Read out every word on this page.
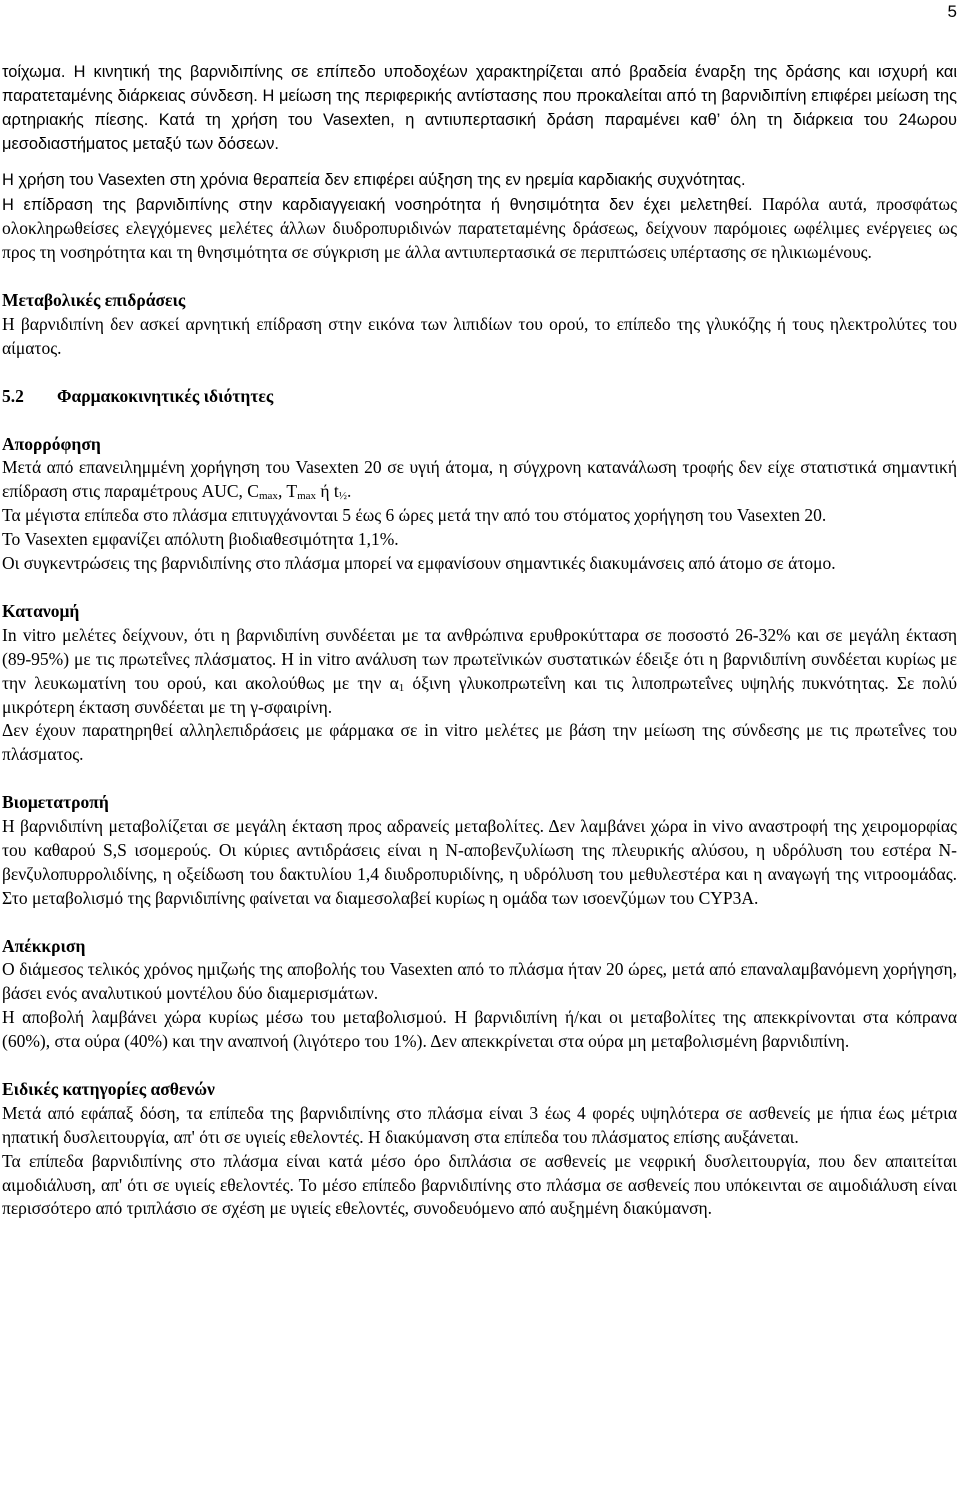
5

τοίχωμα. Η κινητική της βαρνιδιπίνης σε επίπεδο υποδοχέων χαρακτηρίζεται από βραδεία έναρξη της δράσης και ισχυρή και παρατεταμένης διάρκειας σύνδεση. Η μείωση της περιφερικής αντίστασης που προκαλείται από τη βαρνιδιπίνη επιφέρει μείωση της αρτηριακής πίεσης. Κατά τη χρήση του Vasexten, η αντιυπερτασική δράση παραμένει καθ’ όλη τη διάρκεια του 24ωρου μεσοδιαστήματος μεταξύ των δόσεων.

Η χρήση του Vasexten στη χρόνια θεραπεία δεν επιφέρει αύξηση της εν ηρεμία καρδιακής συχνότητας.

Η επίδραση της βαρνιδιπίνης στην καρδιαγγειακή νοσηρότητα ή θνησιμότητα δεν έχει μελετηθεί. Παρόλα αυτά, προσφάτως ολοκληρωθείσες ελεγχόμενες μελέτες άλλων διυδροπυριδινών παρατεταμένης δράσεως, δείχνουν παρόμοιες ωφέλιμες ενέργειες ως προς τη νοσηρότητα και τη θνησιμότητα σε σύγκριση με άλλα αντιυπερτασικά σε περιπτώσεις υπέρτασης σε ηλικιωμένους.

Μεταβολικές επιδράσεις

Η βαρνιδιπίνη δεν ασκεί αρνητική επίδραση στην εικόνα των λιπιδίων του ορού, το επίπεδο της γλυκόζης ή τους ηλεκτρολύτες του αίματος.

5.2 Φαρμακοκινητικές ιδιότητες

Απορρόφηση

Μετά από επανειλημμένη χορήγηση του Vasexten 20 σε υγιή άτομα, η σύγχρονη κατανάλωση τροφής δεν είχε στατιστικά σημαντική επίδραση στις παραμέτρους AUC, $C_{max}$, $T_{max}$ ή $t_{\frac{1}{2}}$.

Τα μέγιστα επίπεδα στο πλάσμα επιτυγχάνονται 5 έως 6 ώρες μετά την από του στόματος χορήγηση του Vasexten 20.

Το Vasexten εμφανίζει απόλυτη βιοδιαθεσιμότητα 1,1%.

Οι συγκεντρώσεις της βαρνιδιπίνης στο πλάσμα μπορεί να εμφανίσουν σημαντικές διακυμάνσεις από άτομο σε άτομο.

Κατανομή

In vitro μελέτες δείχνουν, ότι η βαρνιδιπίνη συνδέεται με τα ανθρώπινα ερυθροκύτταρα σε ποσοστό 26-32% και σε μεγάλη έκταση (89-95%) με τις πρωτεΐνες πλάσματος. Η in vitro ανάλυση των πρωτεϊνικών συστατικών έδειξε ότι η βαρνιδιπίνη συνδέεται κυρίως με την λευκωματίνη του ορού, και ακολούθως με την $\alpha_1$ όξινη γλυκοπρωτεΐνη και τις λιποπρωτεΐνες υψηλής πυκνότητας. Σε πολύ μικρότερη έκταση συνδέεται με τη γ-σφαιρίνη.

Δεν έχουν παρατηρηθεί αλληλεπιδράσεις με φάρμακα σε in vitro μελέτες με βάση την μείωση της σύνδεσης με τις πρωτεΐνες του πλάσματος.

Βιομετατροπή

Η βαρνιδιπίνη μεταβολίζεται σε μεγάλη έκταση προς αδρανείς μεταβολίτες. Δεν λαμβάνει χώρα in vivo αναστροφή της χειρομορφίας του καθαρού S,S ισομερούς. Οι κύριες αντιδράσεις είναι η N-αποβενζυλίωση της πλευρικής αλύσου, η υδρόλυση του εστέρα N-βενζυλοπυρρολιδίνης, η οξείδωση του δακτυλίου 1,4 διυδροπυριδίνης, η υδρόλυση του μεθυλεστέρα και η αναγωγή της νιτροομάδας. Στο μεταβολισμό της βαρνιδιπίνης φαίνεται να διαμεσολαβεί κυρίως η ομάδα των ισοενζύμων του CYP3A.

Απέκκριση

Ο διάμεσος τελικός χρόνος ημιζωής της αποβολής του Vasexten από το πλάσμα ήταν 20 ώρες, μετά από επαναλαμβανόμενη χορήγηση, βάσει ενός αναλυτικού μοντέλου δύο διαμερισμάτων.

Η αποβολή λαμβάνει χώρα κυρίως μέσω του μεταβολισμού. Η βαρνιδιπίνη ή/και οι μεταβολίτες της απεκκρίνονται στα κόπρανα (60%), στα ούρα (40%) και την αναπνοή (λιγότερο του 1%). Δεν απεκκρίνεται στα ούρα μη μεταβολισμένη βαρνιδιπίνη.

Ειδικές κατηγορίες ασθενών

Μετά από εφάπαξ δόση, τα επίπεδα της βαρνιδιπίνης στο πλάσμα είναι 3 έως 4 φορές υψηλότερα σε ασθενείς με ήπια έως μέτρια ηπατική δυσλειτουργία, απ' ότι σε υγιείς εθελοντές. Η διακύμανση στα επίπεδα του πλάσματος επίσης αυξάνεται.

Τα επίπεδα βαρνιδιπίνης στο πλάσμα είναι κατά μέσο όρο διπλάσια σε ασθενείς με νεφρική δυσλειτουργία, που δεν απαιτείται αιμοδιάλυση, απ' ότι σε υγιείς εθελοντές. Το μέσο επίπεδο βαρνιδιπίνης στο πλάσμα σε ασθενείς που υπόκεινται σε αιμοδιάλυση είναι περισσότερο από τριπλάσιο σε σχέση με υγιείς εθελοντές, συνοδευόμενο από αυξημένη διακύμανση.
